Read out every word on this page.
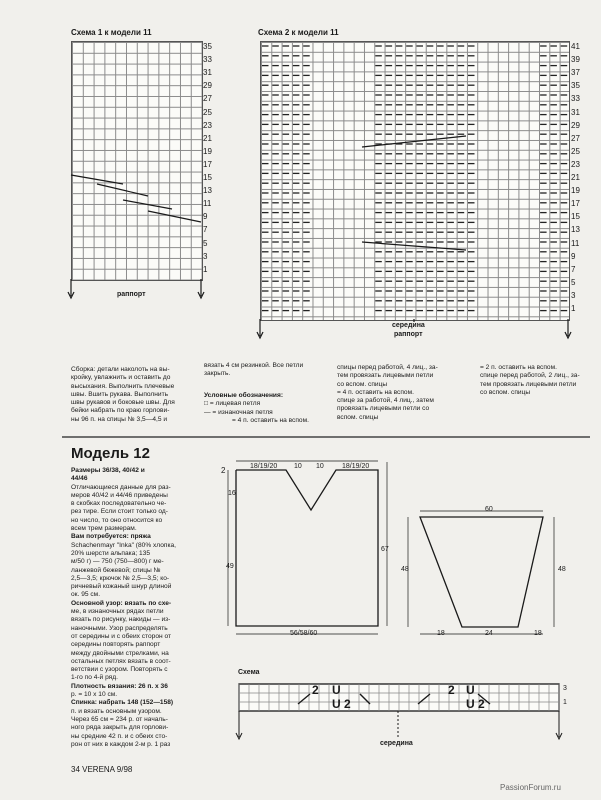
Схема 1 к модели 11
35
33
31
29
27
25
23
21
19
17
15
13
11
9
7
5
3
1
раппорт
Схема 2 к модели 11
41
39
37
35
33
31
29
27
25
23
21
19
17
15
13
11
9
7
5
3
1
середина
раппорт
Сборка: детали наколоть на вы-
кройку, увлажнить и оставить до
высыхания. Выполнить плечевые
швы. Вшить рукава. Выполнить
швы рукавов и боковые швы. Для
бейки набрать по краю горлови-
ны 96 п. на спицы № 3,5—4,5 и
вязать 4 см резинкой. Все петли
закрыть.
Условные обозначения:
□ = лицевая петля
— = изнаночная петля
= 4 п. оставить на вспом.
спицы перед работой, 4 лиц., за-
тем провязать лицевыми петли
со вспом. спицы
= 4 п. оставить на вспом.
спице за работой, 4 лиц., затем
провязать лицевыми петли со
вспом. спицы
= 2 п. оставить на вспом.
спице перед работой, 2 лиц., за-
тем провязать лицевыми петли
со вспом. спицы
Модель 12
Размеры 36/38, 40/42 и
44/46
Отличающиеся данные для раз-
меров 40/42 и 44/46 приведены
в скобках последовательно че-
рез тире. Если стоит только од-
но число, то оно относится ко
всем трем размерам.
Вам потребуется: пряжа
Schachenmayr "Inka" (80% хлопка,
20% шерсти альпака; 135
м/50 г) — 750 (750—800) г ме-
ланжевой бежевой; спицы №
2,5—3,5; крючок № 2,5—3,5; ко-
ричневый кожаный шнур длиной
ок. 95 см.
Основной узор: вязать по схе-
ме, в изнаночных рядах петли
вязать по рисунку, накиды — из-
наночными. Узор распределять
от середины и с обеих сторон от
середины повторять раппорт
между двойными стрелками, на
остальных петлях вязать в соот-
ветствии с узором. Повторять с
1-го по 4-й ряд.
Плотность вязания: 26 п. х 36
р. = 10 х 10 см.
Спинка: набрать 148 (152—158)
п. и вязать основным узором.
Через 65 см = 234 р. от началь-
ного ряда закрыть для горлови-
ны средние 42 п. и с обеих сто-
рон от них в каждом 2-м р. 1 раз
18/19/20 10 10	18/19/20
2
16
49
67
56/58/60
60
48
48
18	24	18
Схема
3
1
середина
2 U
U 2
2 U
U 2
34 VERENA 9/98
PassionForum.ru
